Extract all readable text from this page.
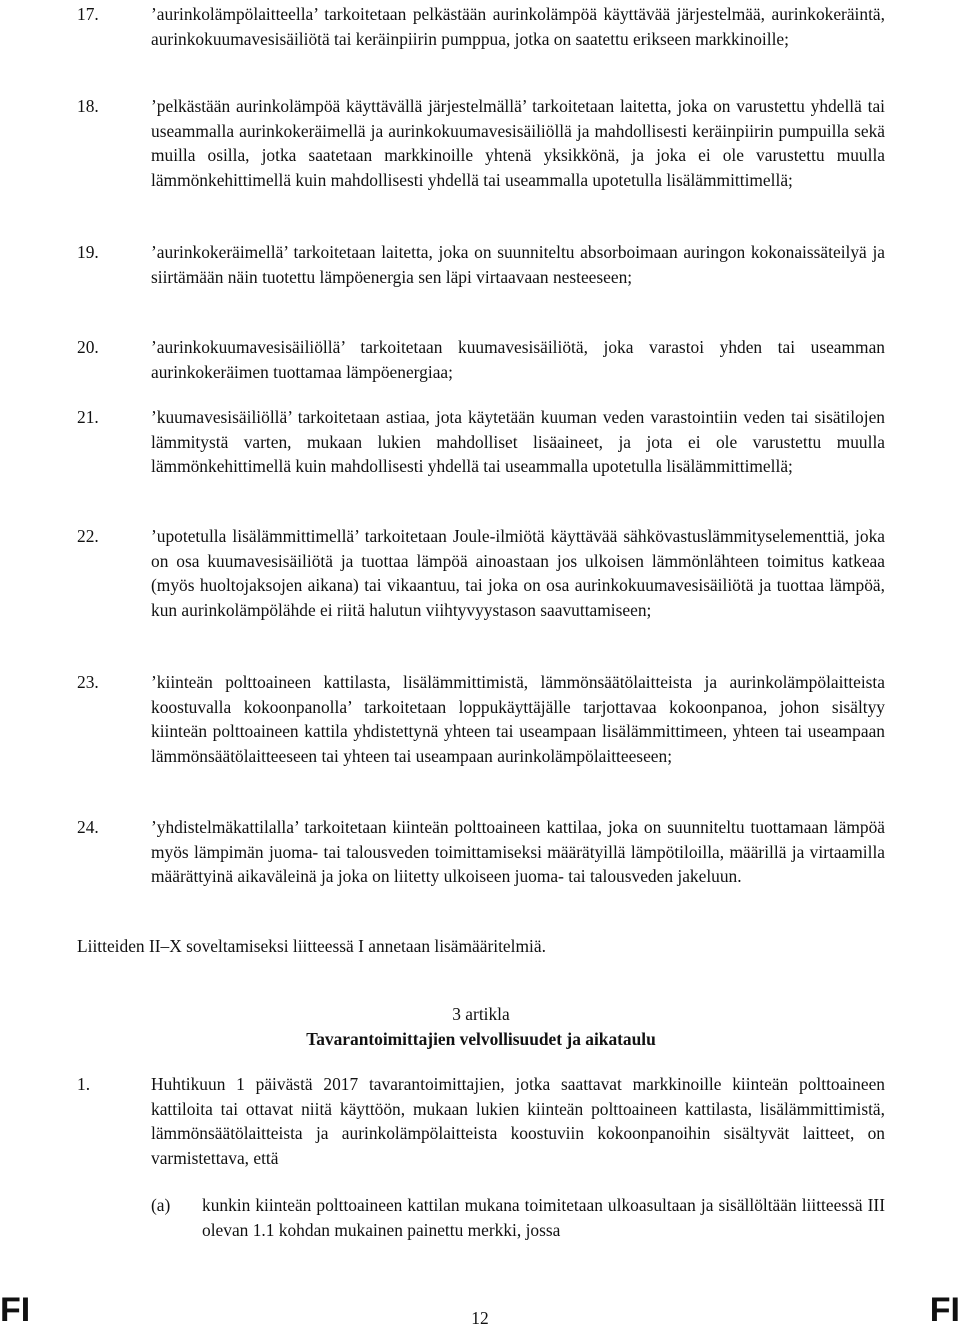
17.	’aurinkolämpölaitteella’ tarkoitetaan pelkästään aurinkolämpöä käyttävää järjestelmää, aurinkokeräintä, aurinkokuumavesisäiliötä tai keräinpiirin pumppua, jotka on saatettu erikseen markkinoille;
18.	’pelkästään aurinkolämpöä käyttävällä järjestelmällä’ tarkoitetaan laitetta, joka on varustettu yhdellä tai useammalla aurinkokeräimellä ja aurinkokuumavesisäiliöllä ja mahdollisesti keräinpiirin pumpuilla sekä muilla osilla, jotka saatetaan markkinoille yhtenä yksikkönä, ja joka ei ole varustettu muulla lämmönkehittimellä kuin mahdollisesti yhdellä tai useammalla upotetulla lisälämmittimellä;
19.	’aurinkokeräimellä’ tarkoitetaan laitetta, joka on suunniteltu absorboimaan auringon kokonaissäteilyä ja siirtämään näin tuotettu lämpöenergia sen läpi virtaavaan nesteeseen;
20.	’aurinkokuumavesisäiliöllä’ tarkoitetaan kuumavesisäiliötä, joka varastoi yhden tai useamman aurinkokeräimen tuottamaa lämpöenergiaa;
21.	’kuumavesisäiliöllä’ tarkoitetaan astiaa, jota käytetään kuuman veden varastointiin veden tai sisätilojen lämmitystä varten, mukaan lukien mahdolliset lisäaineet, ja jota ei ole varustettu muulla lämmönkehittimellä kuin mahdollisesti yhdellä tai useammalla upotetulla lisälämmittimellä;
22.	’upotetulla lisälämmittimellä’ tarkoitetaan Joule-ilmiötä käyttävää sähkövastuslämmityselementtiä, joka on osa kuumavesisäiliötä ja tuottaa lämpöä ainoastaan jos ulkoisen lämmönlähteen toimitus katkeaa (myös huoltojaksojen aikana) tai vikaantuu, tai joka on osa aurinkokuumavesisäiliötä ja tuottaa lämpöä, kun aurinkolämpölähde ei riitä halutun viihtyvyystason saavuttamiseen;
23.	’kiinteän polttoaineen kattilasta, lisälämmittimistä, lämmönsäätölaitteista ja aurinkolämpölaitteista koostuvalla kokoonpanolla’ tarkoitetaan loppukäyttäjälle tarjottavaa kokoonpanoa, johon sisältyy kiinteän polttoaineen kattila yhdistettynä yhteen tai useampaan lisälämmittimeen, yhteen tai useampaan lämmönsäätölaitteeseen tai yhteen tai useampaan aurinkolämpölaitteeseen;
24.	’yhdistelmäkattilalla’ tarkoitetaan kiinteän polttoaineen kattilaa, joka on suunniteltu tuottamaan lämpöä myös lämpimän juoma- tai talousveden toimittamiseksi määrätyillä lämpötiloilla, määrillä ja virtaamilla määrättyinä aikaväleinä ja joka on liitetty ulkoiseen juoma- tai talousveden jakeluun.
Liitteiden II–X soveltamiseksi liitteessä I annetaan lisämääritelmiä.
3 artikla
Tavarantoimittajien velvollisuudet ja aikataulu
1.	Huhtikuun 1 päivästä 2017 tavarantoimittajien, jotka saattavat markkinoille kiinteän polttoaineen kattiloita tai ottavat niitä käyttöön, mukaan lukien kiinteän polttoaineen kattilasta, lisälämmittimistä, lämmönsäätölaitteista ja aurinkolämpölaitteista koostuviin kokoonpanoihin sisältyvät laitteet, on varmistettava, että
(a)	kunkin kiinteän polttoaineen kattilan mukana toimitetaan ulkoasultaan ja sisällöltään liitteessä III olevan 1.1 kohdan mukainen painettu merkki, jossa
FI	12	FI
